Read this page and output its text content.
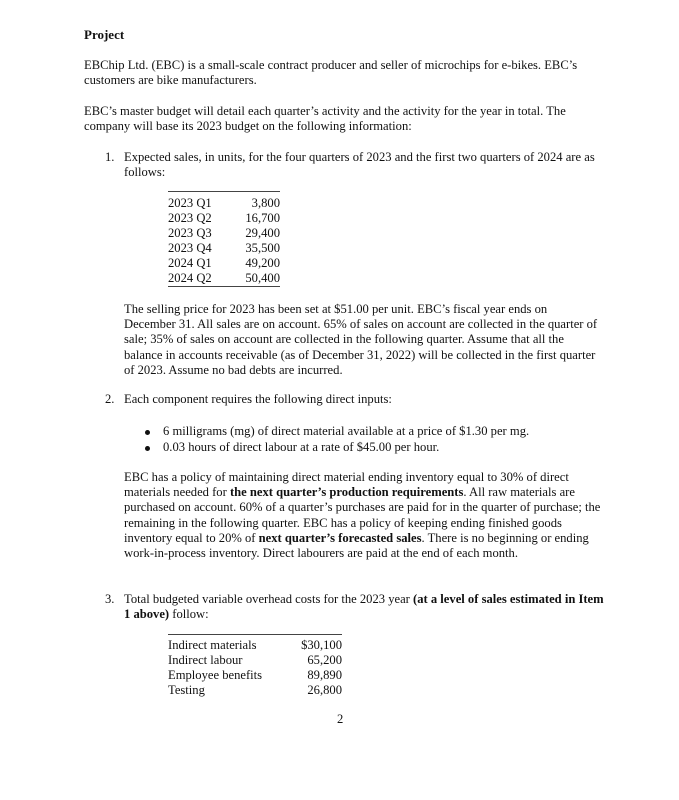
Project
EBChip Ltd. (EBC) is a small-scale contract producer and seller of microchips for e-bikes. EBC’s customers are bike manufacturers.
EBC’s master budget will detail each quarter’s activity and the activity for the year in total. The company will base its 2023 budget on the following information:
1. Expected sales, in units, for the four quarters of 2023 and the first two quarters of 2024 are as follows:
2023 Q1	3,800
2023 Q2	16,700
2023 Q3	29,400
2023 Q4	35,500
2024 Q1	49,200
2024 Q2	50,400
The selling price for 2023 has been set at $51.00 per unit. EBC’s fiscal year ends on December 31. All sales are on account. 65% of sales on account are collected in the quarter of sale; 35% of sales on account are collected in the following quarter. Assume that all the balance in accounts receivable (as of December 31, 2022) will be collected in the first quarter of 2023. Assume no bad debts are incurred.
2. Each component requires the following direct inputs:
6 milligrams (mg) of direct material available at a price of $1.30 per mg.
0.03 hours of direct labour at a rate of $45.00 per hour.
EBC has a policy of maintaining direct material ending inventory equal to 30% of direct materials needed for the next quarter’s production requirements. All raw materials are purchased on account. 60% of a quarter’s purchases are paid for in the quarter of purchase; the remaining in the following quarter. EBC has a policy of keeping ending finished goods inventory equal to 20% of next quarter’s forecasted sales. There is no beginning or ending work-in-process inventory. Direct labourers are paid at the end of each month.
3. Total budgeted variable overhead costs for the 2023 year (at a level of sales estimated in Item 1 above) follow:
Indirect materials	$30,100
Indirect labour	65,200
Employee benefits	89,890
Testing	26,800
2
